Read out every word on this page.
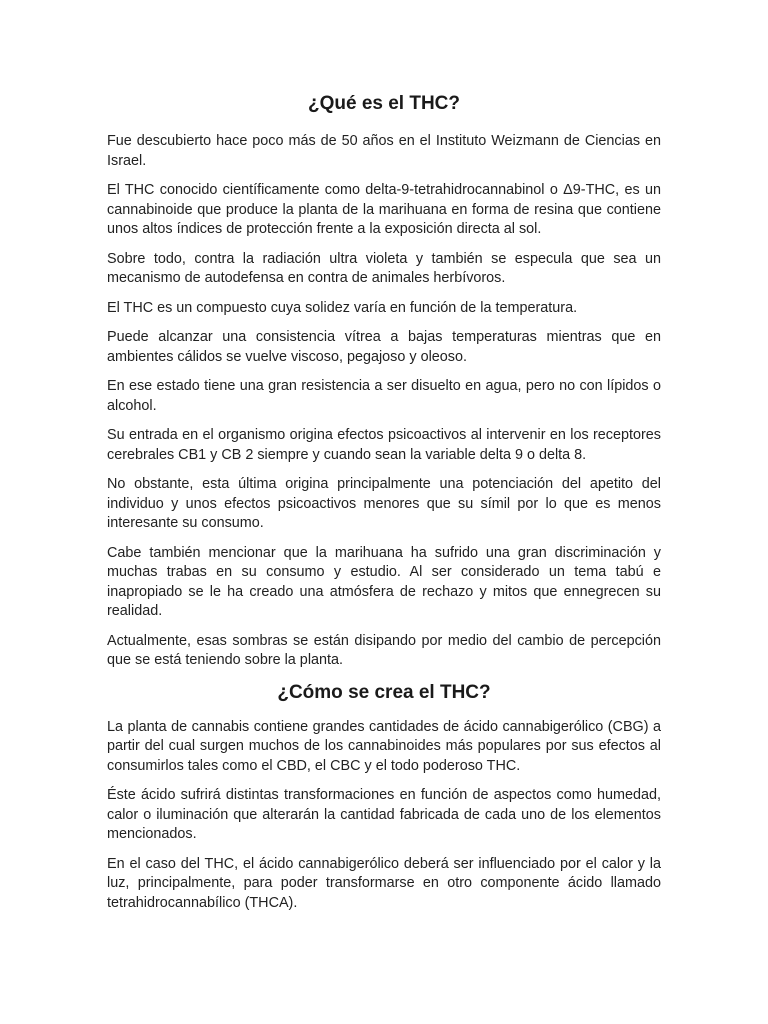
¿Qué es el THC?

Fue descubierto hace poco más de 50 años en el Instituto Weizmann de Ciencias en Israel.

El THC conocido científicamente como delta-9-tetrahidrocannabinol o Δ9-THC, es un cannabinoide que produce la planta de la marihuana en forma de resina que contiene unos altos índices de protección frente a la exposición directa al sol.

Sobre todo, contra la radiación ultra violeta y también se especula que sea un mecanismo de autodefensa en contra de animales herbívoros.

El THC es un compuesto cuya solidez varía en función de la temperatura.

Puede alcanzar una consistencia vítrea a bajas temperaturas mientras que en ambientes cálidos se vuelve viscoso, pegajoso y oleoso.

En ese estado tiene una gran resistencia a ser disuelto en agua, pero no con lípidos o alcohol.

Su entrada en el organismo origina efectos psicoactivos al intervenir en los receptores cerebrales CB1 y CB 2 siempre y cuando sean la variable delta 9 o delta 8.

No obstante, esta última origina principalmente una potenciación del apetito del individuo y unos efectos psicoactivos menores que su símil por lo que es menos interesante su consumo.

Cabe también mencionar que la marihuana ha sufrido una gran discriminación y muchas trabas en su consumo y estudio. Al ser considerado un tema tabú e inapropiado se le ha creado una atmósfera de rechazo y mitos que ennegrecen su realidad.

Actualmente, esas sombras se están disipando por medio del cambio de percepción que se está teniendo sobre la planta.

¿Cómo se crea el THC?

La planta de cannabis contiene grandes cantidades de ácido cannabigerólico (CBG) a partir del cual surgen muchos de los cannabinoides más populares por sus efectos al consumirlos tales como el CBD, el CBC y el todo poderoso THC.

Éste ácido sufrirá distintas transformaciones en función de aspectos como humedad, calor o iluminación que alterarán la cantidad fabricada de cada uno de los elementos mencionados.

En el caso del THC, el ácido cannabigerólico deberá ser influenciado por el calor y la luz, principalmente, para poder transformarse en otro componente ácido llamado tetrahidrocannabílico (THCA).
